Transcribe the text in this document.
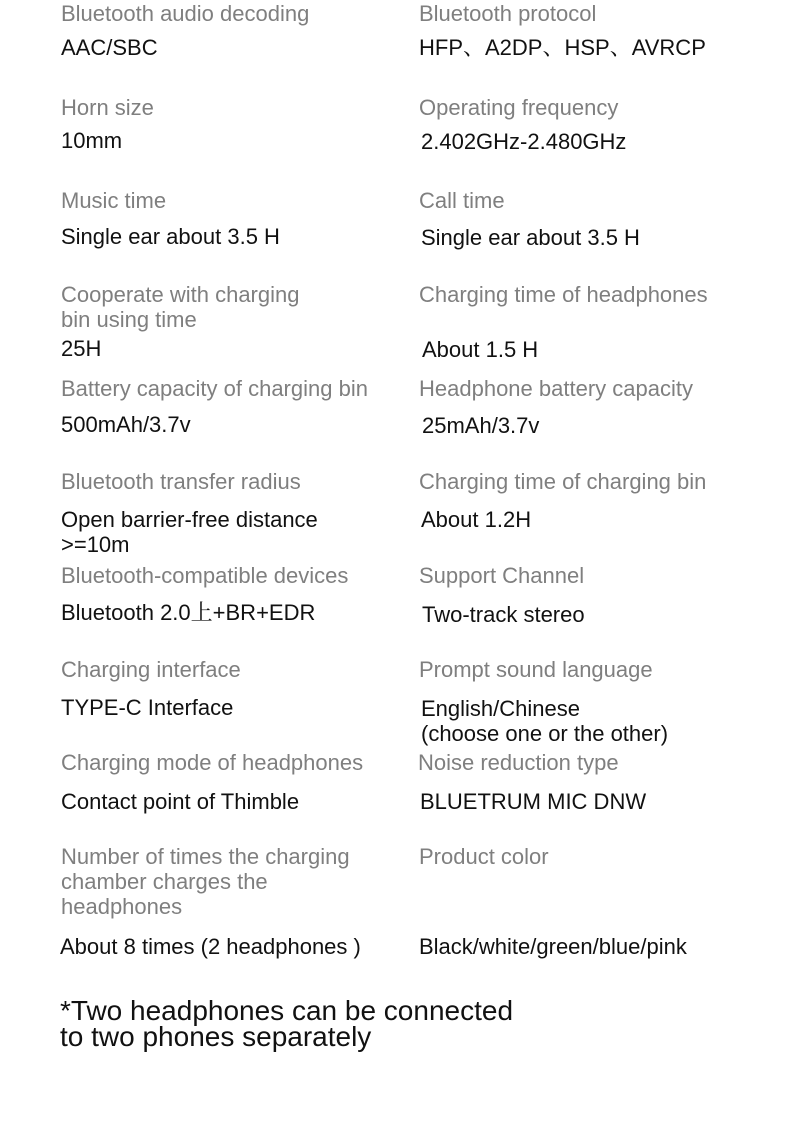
Bluetooth audio decoding

AAC/SBC

Bluetooth protocol

HFP、A2DP、HSP、AVRCP

Horn size

10mm

Operating frequency

2.402GHz-2.480GHz

Music time

Single ear about 3.5 H

Call time

Single ear about 3.5 H

Cooperate with charging
bin using time

25H

Charging time of headphones

About 1.5 H

Battery capacity of charging bin

500mAh/3.7v

Headphone battery capacity

25mAh/3.7v

Bluetooth transfer radius

Open barrier-free distance
>=10m

Charging time of charging bin

About 1.2H

Bluetooth-compatible devices

Bluetooth 2.0上+BR+EDR

Support Channel

Two-track stereo

Charging interface

TYPE-C Interface

Prompt sound language

English/Chinese
(choose one or the other)

Charging mode of headphones

Contact point of Thimble

Noise reduction type

BLUETRUM MIC DNW

Number of times the charging
chamber charges the
headphones

About 8 times (2 headphones )

Product color

Black/white/green/blue/pink

*Two headphones can be connected
to two phones separately
